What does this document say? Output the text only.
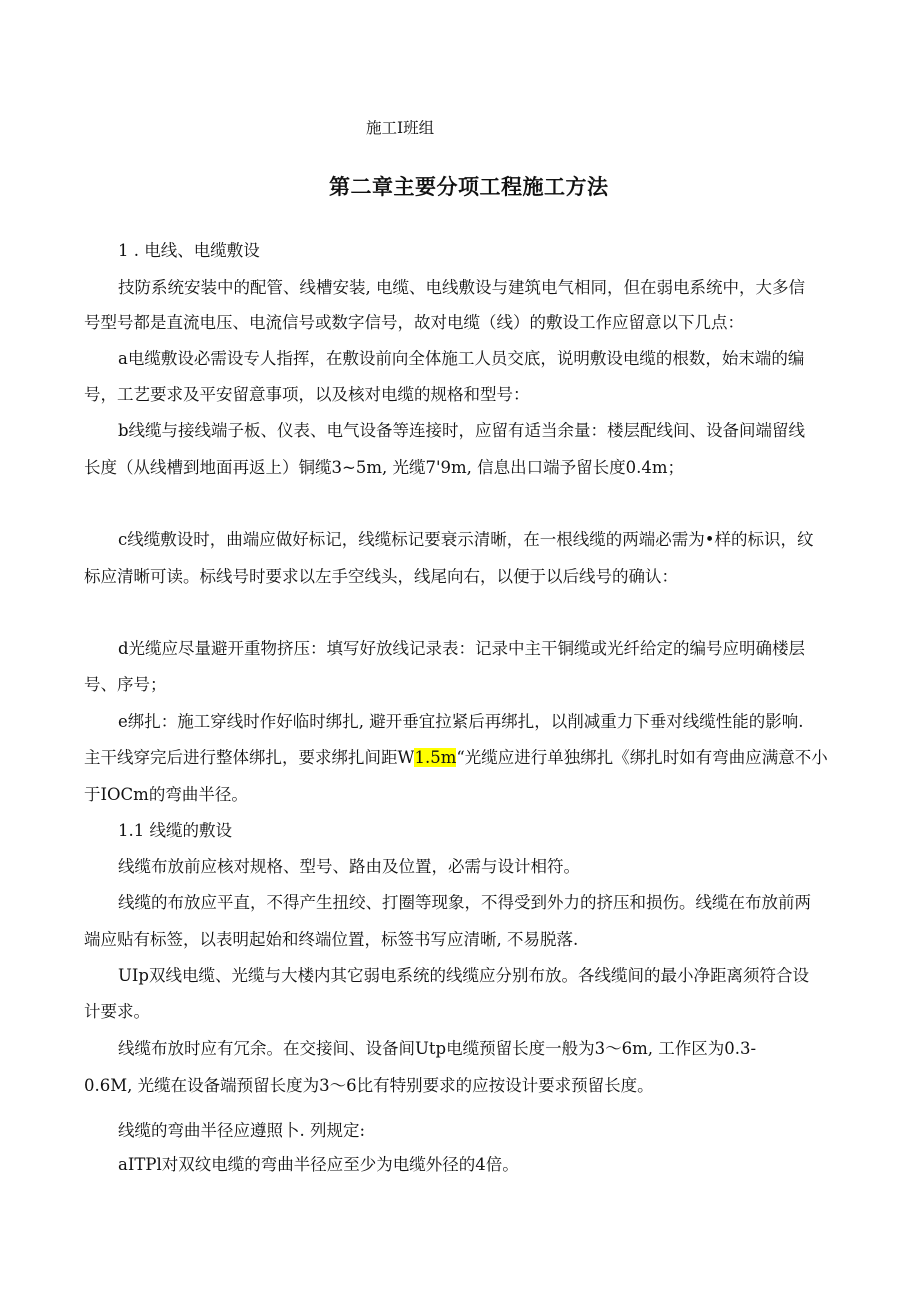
施工I班组

第二章主要分项工程施工方法

1 . 电线、电缆敷设

技防系统安装中的配管、线槽安装, 电缆、电线敷设与建筑电气相同，但在弱电系统中，大多信

号型号都是直流电压、电流信号或数字信号，故对电缆（线）的敷设工作应留意以下几点：

a电缆敷设必需设专人指挥，在敷设前向全体施工人员交底，说明敷设电缆的根数，始末端的编

号，工艺要求及平安留意事项，以及核对电缆的规格和型号：

b线缆与接线端子板、仪表、电气设备等连接时，应留有适当余量：楼层配线间、设备间端留线

长度（从线槽到地面再返上）铜缆3~5m, 光缆7'9m, 信息出口端予留长度0.4m；

c线缆敷设时，曲端应做好标记，线缆标记要衰示清晰，在一根线缆的两端必需为•样的标识，纹

标应清晰可读。标线号时要求以左手空线头，线尾向右，以便于以后线号的确认：

d光缆应尽量避开重物挤压：填写好放线记录表：记录中主干铜缆或光纤给定的编号应明确楼层

号、序号；

e绑扎：施工穿线时作好临时绑扎, 避开垂宜拉紧后再绑扎，以削减重力下垂对线缆性能的影响.

主干线穿完后进行整体绑扎，要求绑扎间距W1.5m“光缆应进行单独绑扎《绑扎时如有弯曲应满意不小

于IOCm的弯曲半径。

1.1 线缆的敷设

线缆布放前应核对规格、型号、路由及位置，必需与设计相符。

线缆的布放应平直，不得产生扭绞、打圈等现象，不得受到外力的挤压和损伤。线缆在布放前两

端应贴有标签，以表明起始和终端位置，标签书写应清晰, 不易脱落.

UIp双线电缆、光缆与大楼内其它弱电系统的线缆应分别布放。各线缆间的最小净距离须符合设

计要求。

线缆布放时应有冗余。在交接间、设备间Utp电缆预留长度一般为3～6m, 工作区为0.3-

0.6M, 光缆在设备端预留长度为3～6比有特别要求的应按设计要求预留长度。

线缆的弯曲半径应遵照卜. 列规定:

aITPl对双纹电缆的弯曲半径应至少为电缆外径的4倍。
